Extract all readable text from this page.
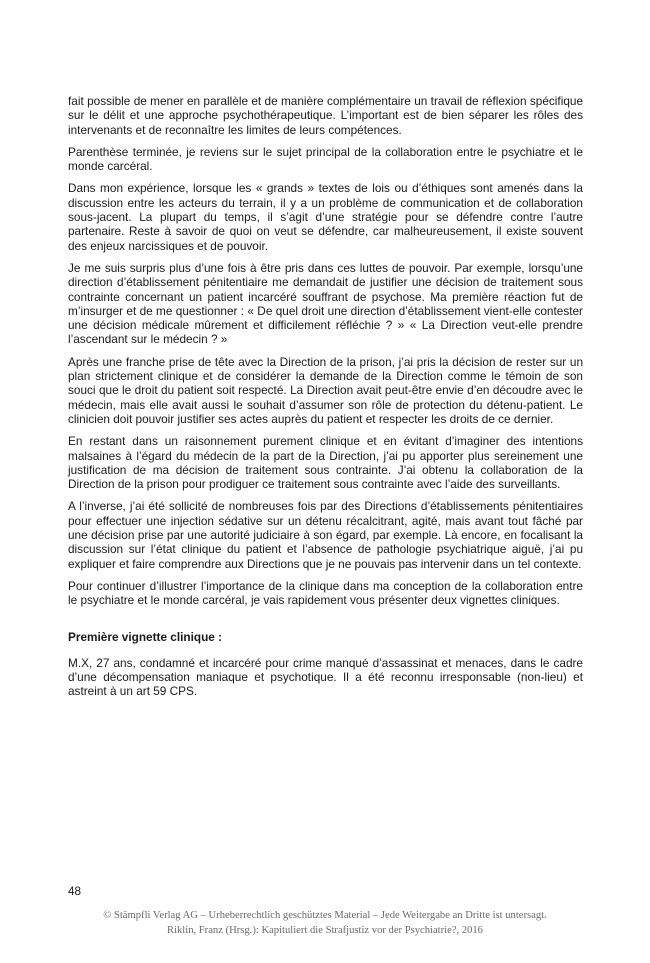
fait possible de mener en parallèle et de manière complémentaire un travail de réflexion spécifique sur le délit et une approche psychothérapeutique. L’important est de bien séparer les rôles des intervenants et de reconnaître les limites de leurs compétences.

Parenthèse terminée, je reviens sur le sujet principal de la collaboration entre le psychiatre et le monde carcéral.

Dans mon expérience, lorsque les « grands » textes de lois ou d’éthiques sont amenés dans la discussion entre les acteurs du terrain, il y a un problème de communication et de collaboration sous-jacent. La plupart du temps, il s’agit d’une stratégie pour se défendre contre l’autre partenaire. Reste à savoir de quoi on veut se défendre, car malheureusement, il existe souvent des enjeux narcissiques et de pouvoir.

Je me suis surpris plus d’une fois à être pris dans ces luttes de pouvoir. Par exemple, lorsqu’une direction d’établissement pénitentiaire me demandait de justifier une décision de traitement sous contrainte concernant un patient incarcéré souffrant de psychose. Ma première réaction fut de m’insurger et de me questionner : « De quel droit une direction d’établissement vient-elle contester une décision médicale mûrement et difficilement réfléchie ? » « La Direction veut-elle prendre l’ascendant sur le médecin ? »

Après une franche prise de tête avec la Direction de la prison, j’ai pris la décision de rester sur un plan strictement clinique et de considérer la demande de la Direction comme le témoin de son souci que le droit du patient soit respecté. La Direction avait peut-être envie d’en découdre avec le médecin, mais elle avait aussi le souhait d’assumer son rôle de protection du détenu-patient. Le clinicien doit pouvoir justifier ses actes auprès du patient et respecter les droits de ce dernier.

En restant dans un raisonnement purement clinique et en évitant d’imaginer des intentions malsaines à l’égard du médecin de la part de la Direction, j’ai pu apporter plus sereinement une justification de ma décision de traitement sous contrainte. J’ai obtenu la collaboration de la Direction de la prison pour prodiguer ce traitement sous contrainte avec l’aide des surveillants.

A l’inverse, j’ai été sollicité de nombreuses fois par des Directions d’établissements pénitentiaires pour effectuer une injection sédative sur un détenu récalcitrant, agité, mais avant tout fâché par une décision prise par une autorité judiciaire à son égard, par exemple. Là encore, en focalisant la discussion sur l’état clinique du patient et l’absence de pathologie psychiatrique aiguë, j’ai pu expliquer et faire comprendre aux Directions que je ne pouvais pas intervenir dans un tel contexte.

Pour continuer d’illustrer l’importance de la clinique dans ma conception de la collaboration entre le psychiatre et le monde carcéral, je vais rapidement vous présenter deux vignettes cliniques.

Première vignette clinique :

M.X, 27 ans, condamné et incarcéré pour crime manqué d’assassinat et menaces, dans le cadre d’une décompensation maniaque et psychotique. Il a été reconnu irresponsable (non-lieu) et astreint à un art 59 CPS.

48
© Stämpfli Verlag AG – Urheberrechtlich geschütztes Material – Jede Weitergabe an Dritte ist untersagt.
Riklin, Franz (Hrsg.): Kapituliert die Strafjustiz vor der Psychiatrie?, 2016
